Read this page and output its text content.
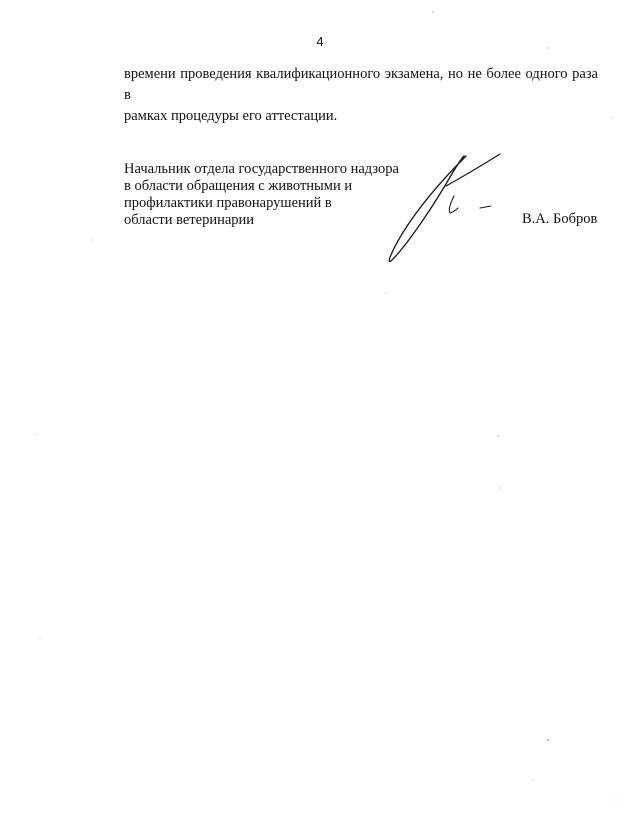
4

времени проведения квалификационного экзамена, но не более одного раза в
рамках процедуры его аттестации.

Начальник отдела государственного надзора
в области обращения с животными и
профилактики правонарушений в
области ветеринарии	В.А. Бобров
